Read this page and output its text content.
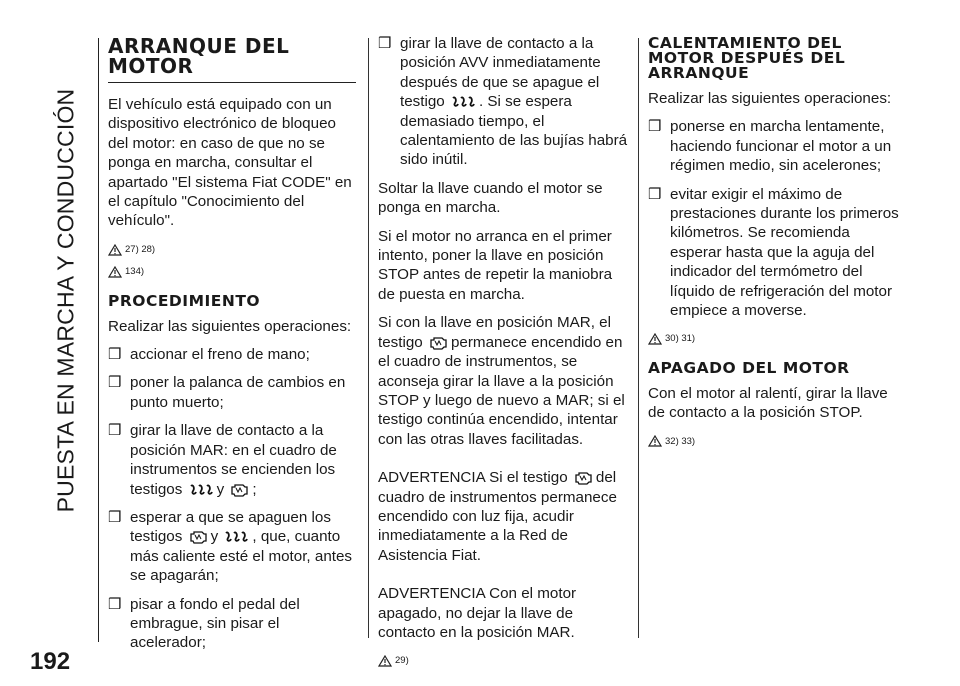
PUESTA EN MARCHA Y CONDUCCIÓN
192
ARRANQUE DEL MOTOR

El vehículo está equipado con un dispositivo electrónico de bloqueo del motor: en caso de que no se ponga en marcha, consultar el apartado "El sistema Fiat CODE" en el capítulo "Conocimiento del vehículo".

27) 28)
134)
PROCEDIMIENTO

Realizar las siguientes operaciones:

❒ accionar el freno de mano;
❒ poner la palanca de cambios en punto muerto;
❒ girar la llave de contacto a la posición MAR: en el cuadro de instrumentos se encienden los testigos y ;
❒ esperar a que se apaguen los testigos y , que, cuanto más caliente esté el motor, antes se apagarán;
❒ pisar a fondo el pedal del embrague, sin pisar el acelerador;
❒ girar la llave de contacto a la posición AVV inmediatamente después de que se apague el testigo . Si se espera demasiado tiempo, el calentamiento de las bujías habrá sido inútil.

Soltar la llave cuando el motor se ponga en marcha.

Si el motor no arranca en el primer intento, poner la llave en posición STOP antes de repetir la maniobra de puesta en marcha.

Si con la llave en posición MAR, el testigo permanece encendido en el cuadro de instrumentos, se aconseja girar la llave a la posición STOP y luego de nuevo a MAR; si el testigo continúa encendido, intentar con las otras llaves facilitadas.

ADVERTENCIA Si el testigo del cuadro de instrumentos permanece encendido con luz fija, acudir inmediatamente a la Red de Asistencia Fiat.

ADVERTENCIA Con el motor apagado, no dejar la llave de contacto en la posición MAR.

29)
CALENTAMIENTO DEL MOTOR DESPUÉS DEL ARRANQUE

Realizar las siguientes operaciones:

❒ ponerse en marcha lentamente, haciendo funcionar el motor a un régimen medio, sin acelerones;
❒ evitar exigir el máximo de prestaciones durante los primeros kilómetros. Se recomienda esperar hasta que la aguja del indicador del termómetro del líquido de refrigeración del motor empiece a moverse.
30) 31)
APAGADO DEL MOTOR

Con el motor al ralentí, girar la llave de contacto a la posición STOP.

32) 33)
